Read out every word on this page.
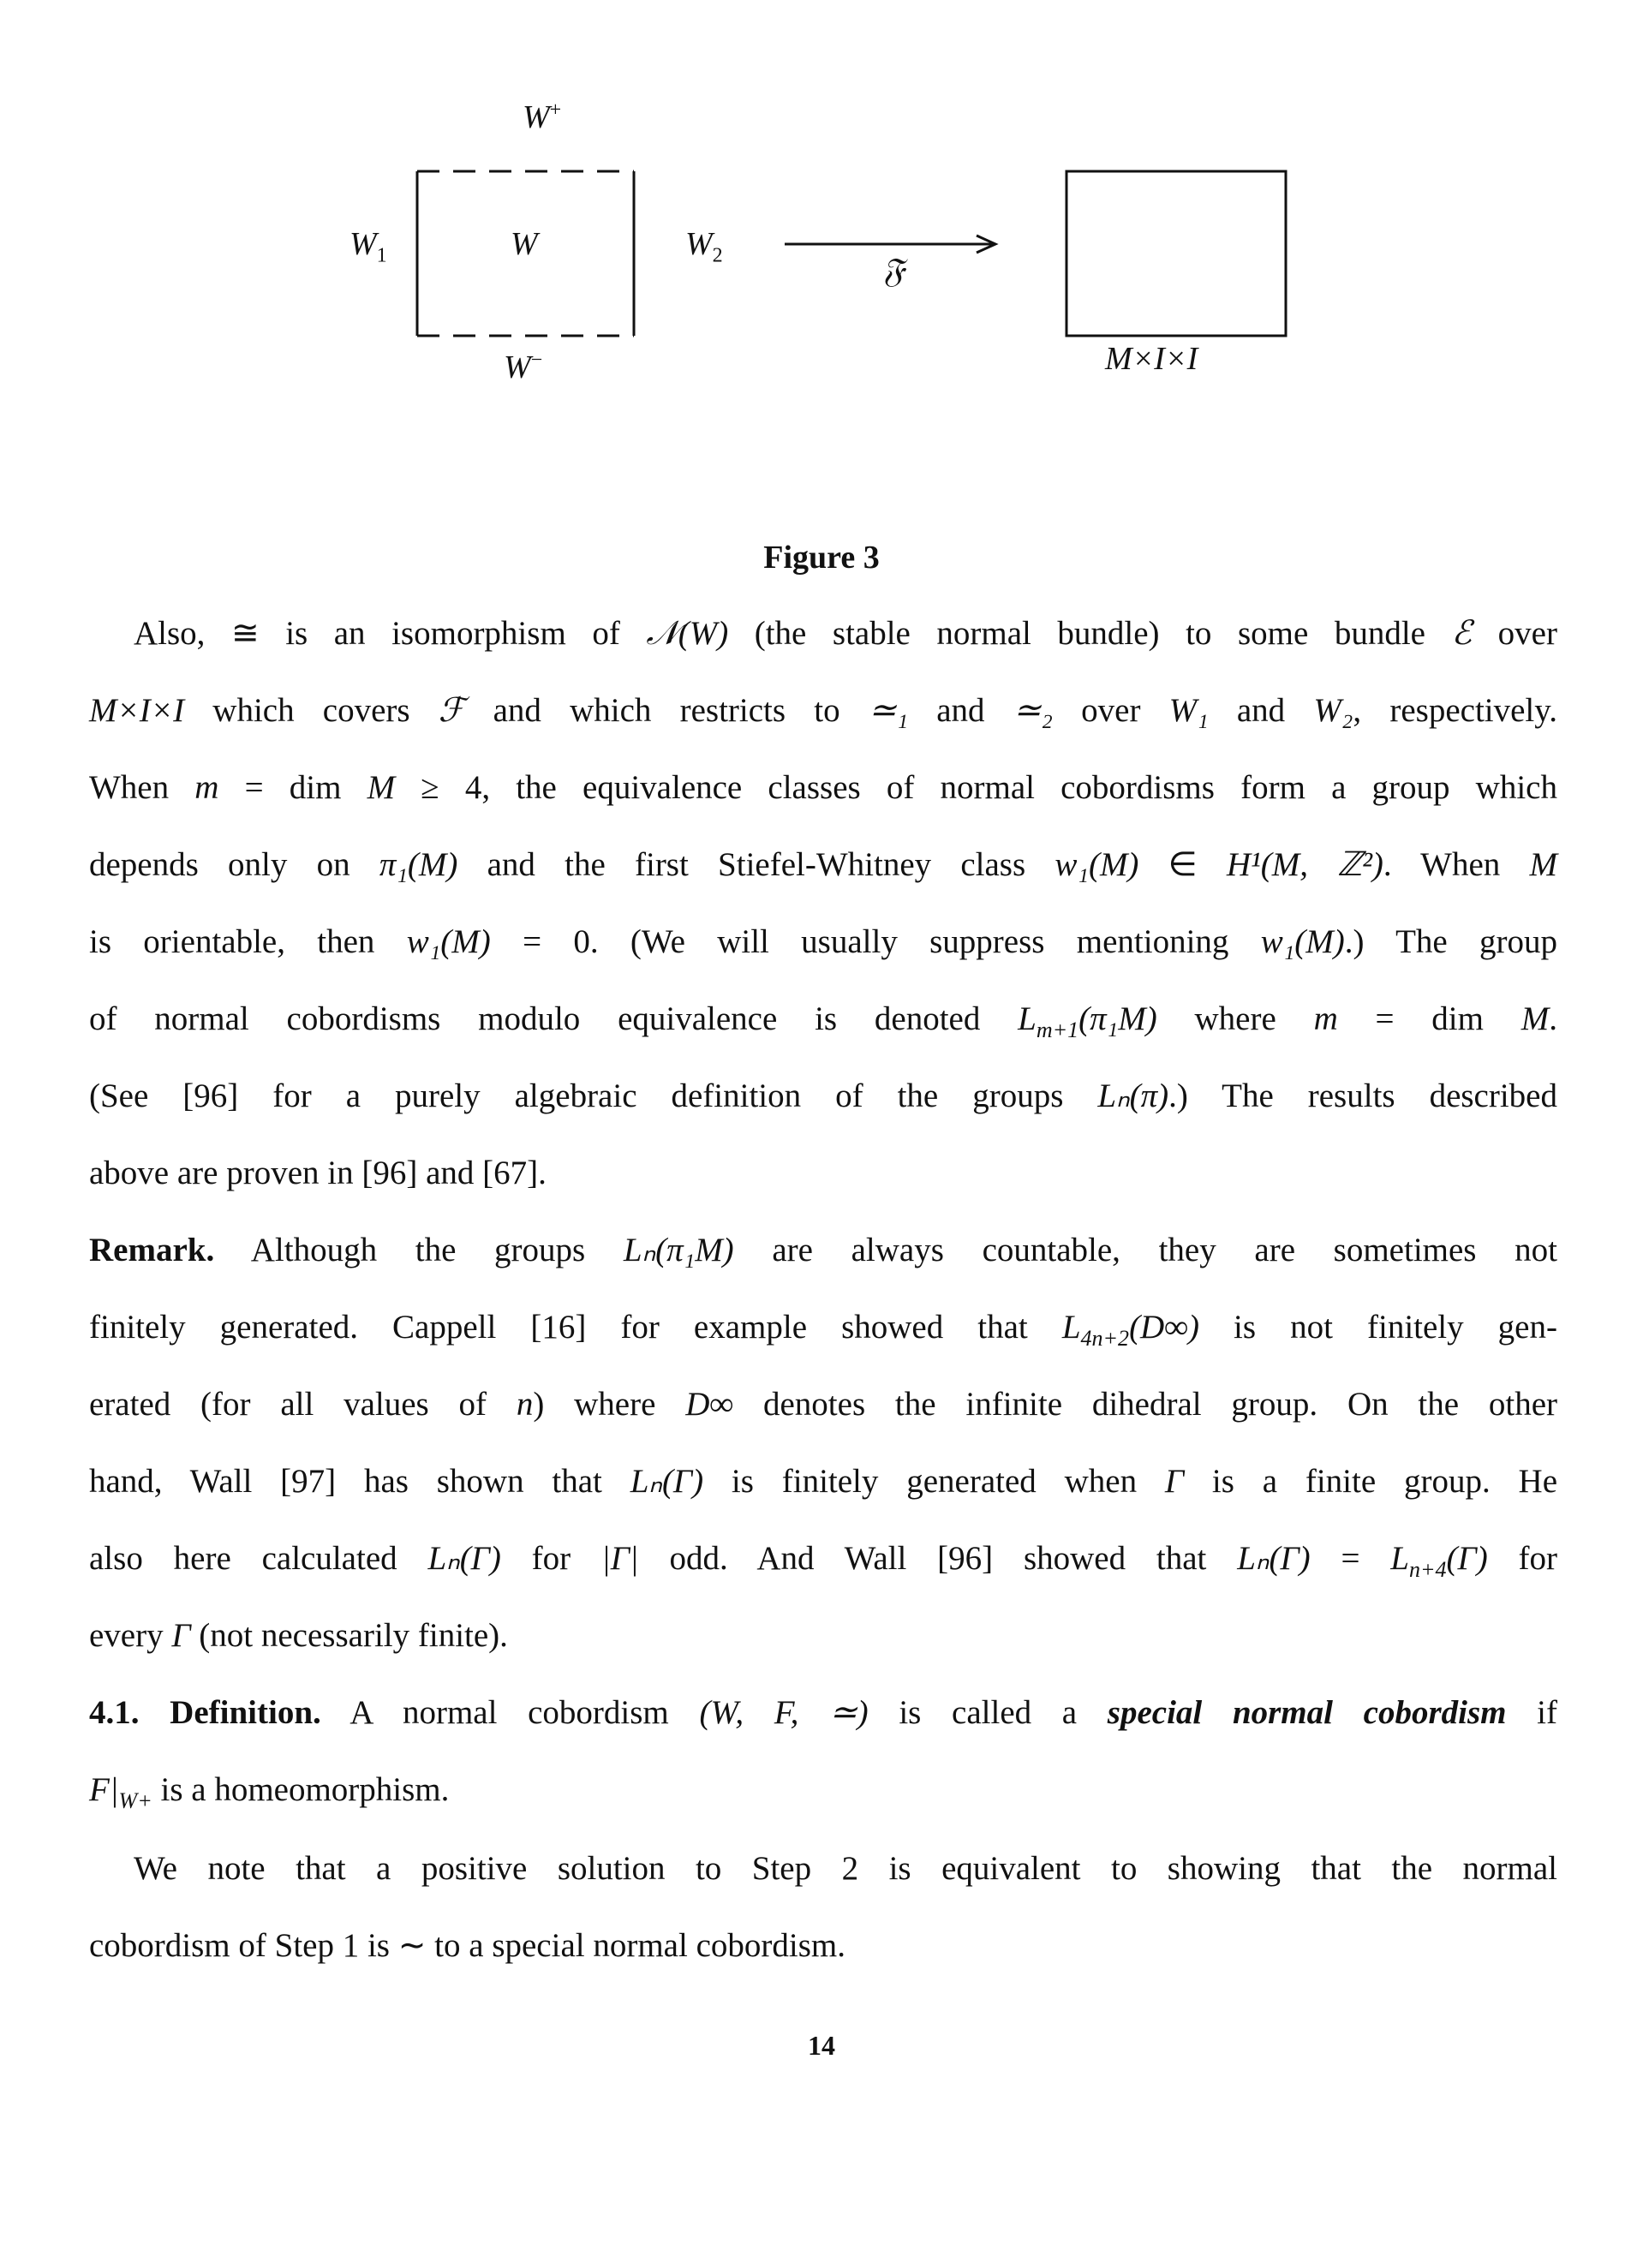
W+
$W_1$	W	$W_2$
W−
𝔉
M×I×I
Figure 3
Also, ≅ is an isomorphism of 𝒩(W) (the stable normal bundle) to some bundle ℰ over
M×I×I which covers ℱ and which restricts to ≃₁ and ≃₂ over W₁ and W₂, respectively.
When m = dim M ≥ 4, the equivalence classes of normal cobordisms form a group which
depends only on π₁(M) and the first Stiefel-Whitney class w₁(M) ∈ H¹(M, ℤ²). When M
is orientable, then w₁(M) = 0. (We will usually suppress mentioning w₁(M).) The group
of normal cobordisms modulo equivalence is denoted $L_{m+1}(\pi_1M)$ where m = dim M.
(See [96] for a purely algebraic definition of the groups Lₙ(π).) The results described
above are proven in [96] and [67].
Remark. Although the groups Lₙ(π₁M) are always countable, they are sometimes not
finitely generated. Cappell [16] for example showed that $L_{4n+2}(D\infty)$ is not finitely gen-
erated (for all values of n) where D∞ denotes the infinite dihedral group. On the other
hand, Wall [97] has shown that Lₙ(Γ) is finitely generated when Γ is a finite group. He
also here calculated Lₙ(Γ) for |Γ| odd. And Wall [96] showed that $L_n(\Gamma) = L_{n+4}(\Gamma)$ for
every Γ (not necessarily finite).
4.1. Definition. A normal cobordism (W, F, ≃) is called a special normal cobordism if
$F|_{W+}$ is a homeomorphism.
We note that a positive solution to Step 2 is equivalent to showing that the normal
cobordism of Step 1 is ∼ to a special normal cobordism.
14
